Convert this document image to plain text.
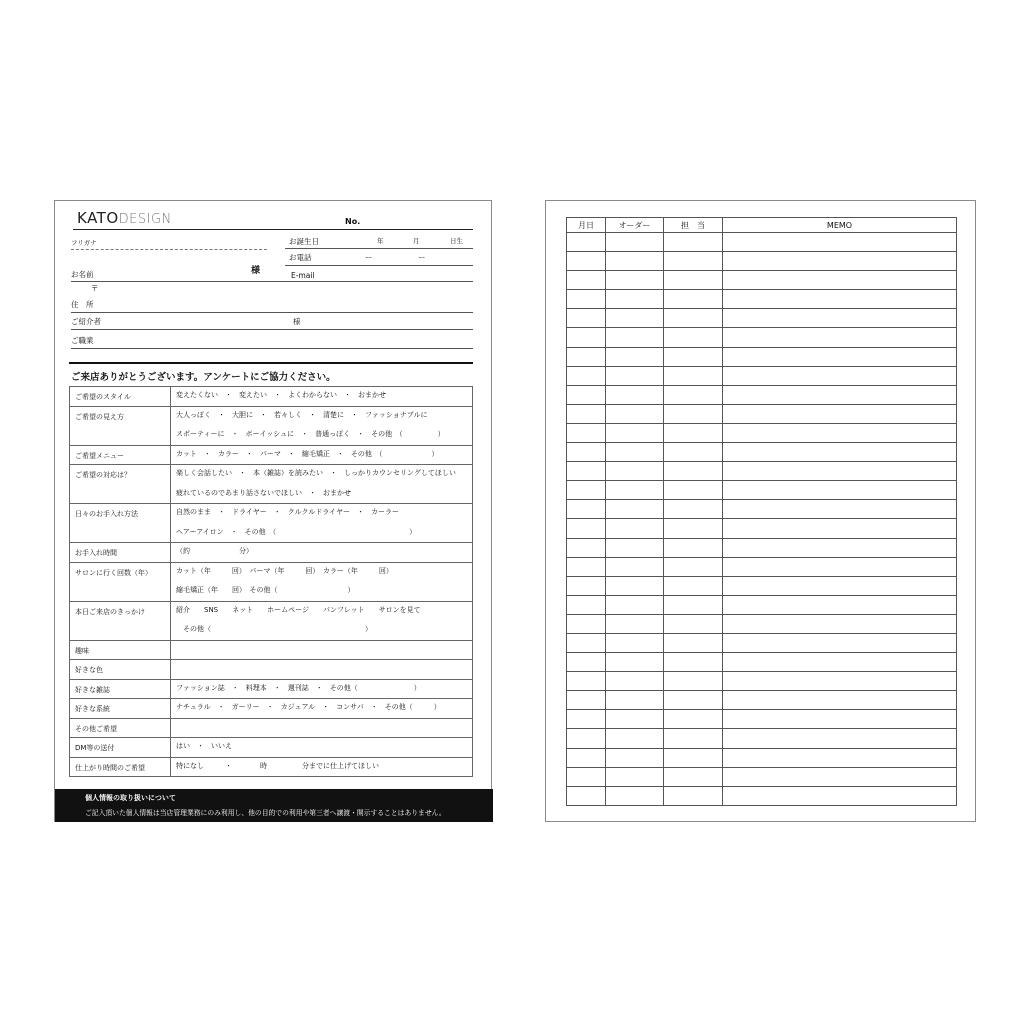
KATODESIGN	No.
フリガナ
お名前	様
お誕生日	年	月	日生
お電話	ー	ー
E-mail
〒
住　所
ご紹介者	様
ご職業
ご来店ありがとうございます。アンケートにご協力ください。
ご希望のスタイル	変えたくない　・　変えたい　・　よくわからない　・　おまかせ

ご希望の見え方	大人っぽく　・　大胆に　・　若々しく　・　清楚に　・　ファッショナブルに
スポーティーに　・　ボーイッシュに　・　普通っぽく　・　その他　（　　　　　）

ご希望メニュー	カット　・　カラー　・　パーマ　・　縮毛矯正　・　その他　（　　　　　　　）

ご希望の対応は？	楽しく会話したい　・　本（雑誌）を読みたい　・　しっかりカウンセリングしてほしい
疲れているのであまり話さないでほしい　・　おまかせ

日々のお手入れ方法	自然のまま　・　ドライヤー　・　クルクルドライヤー　・　カーラー
ヘアーアイロン　・　その他　（　　　　　　　　　　　　　　　　　　　）

お手入れ時間	（約　　　　　　　分）

サロンに行く回数（年）	カット（年　　　回）　パーマ（年　　　回）　カラー（年　　　回）
縮毛矯正（年　　回）　その他（　　　　　　　　　　）

本日ご来店のきっかけ	紹介　　SNS　　ネット　　ホームページ　　パンフレット　　サロンを見て
　その他（　　　　　　　　　　　　　　　　　　　　　　）

趣味	

好きな色	

好きな雑誌	ファッション誌　・　料理本　・　週刊誌　・　その他（　　　　　　　　）

好きな系統	ナチュラル　・　ガーリー　・　カジュアル　・　コンサバ　・　その他（　　　）

その他ご希望	

DM等の送付	はい　・　いいえ

仕上がり時間のご希望	特になし　　　・　　　　時　　　　　分までに仕上げてほしい
個人情報の取り扱いについて
ご記入頂いた個人情報は当店管理業務にのみ利用し、他の目的での利用や第三者へ譲渡・開示することはありません。
月日	オーダー	担　当	MEMO
